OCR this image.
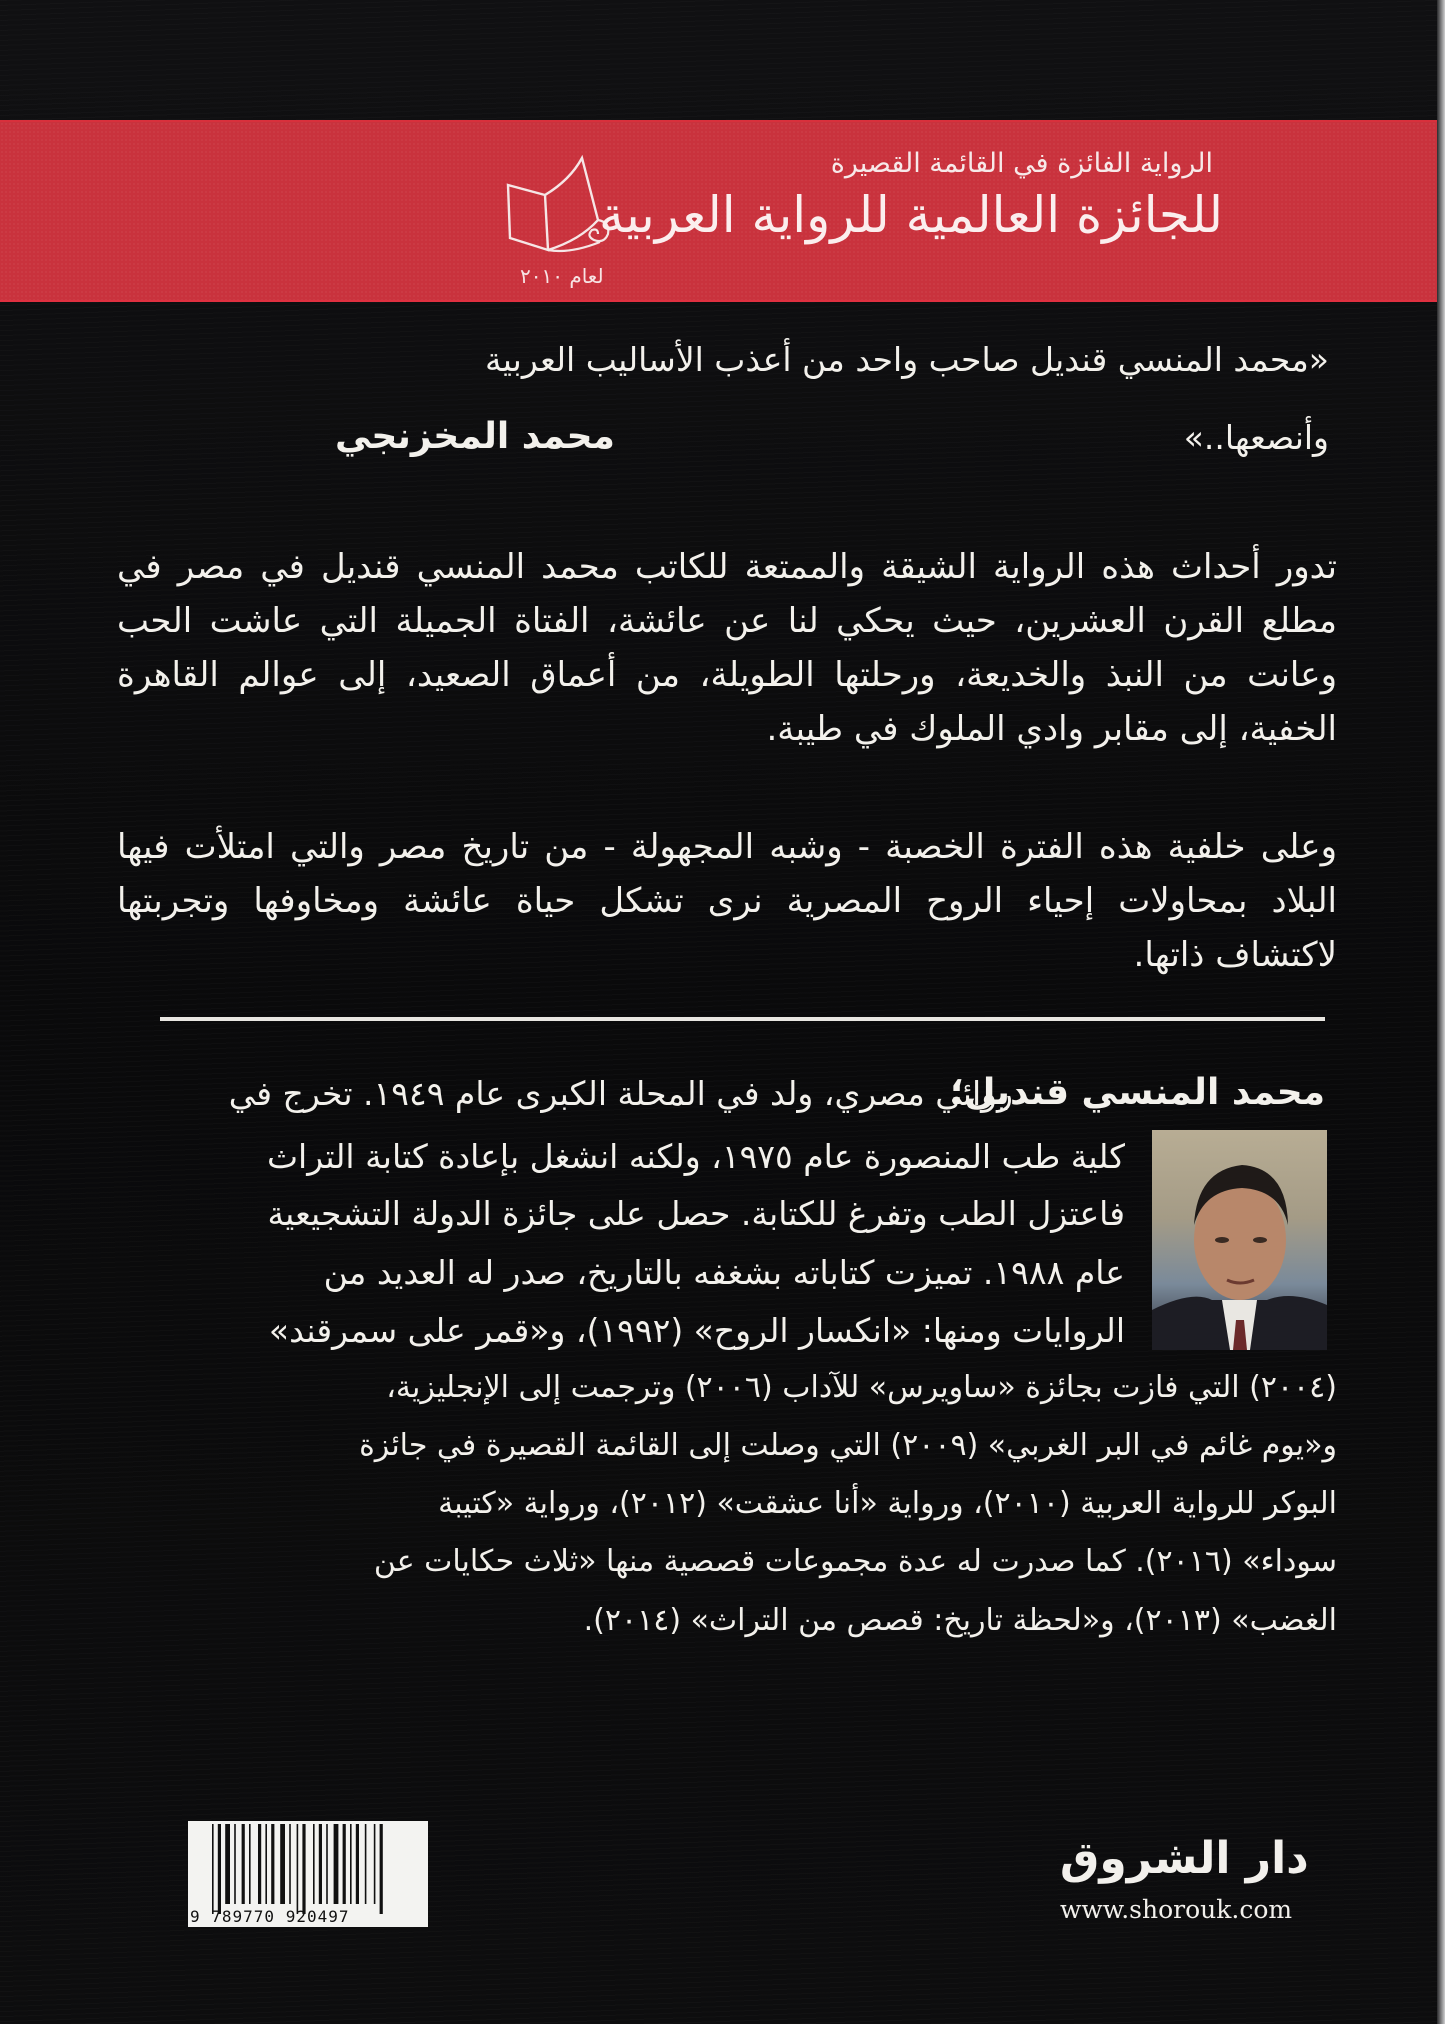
الرواية الفائزة في القائمة القصيرة
للجائزة العالمية للرواية العربية
لعام ٢٠١٠
«محمد المنسي قنديل صاحب واحد من أعذب الأساليب العربية
وأنصعها..»
محمد المخزنجي
تدور أحداث هذه الرواية الشيقة والممتعة للكاتب محمد المنسي قنديل في مصر في مطلع القرن العشرين، حيث يحكي لنا عن عائشة، الفتاة الجميلة التي عاشت الحب وعانت من النبذ والخديعة، ورحلتها الطويلة، من أعماق الصعيد، إلى عوالم القاهرة الخفية، إلى مقابر وادي الملوك في طيبة.
وعلى خلفية هذه الفترة الخصبة - وشبه المجهولة - من تاريخ مصر والتي امتلأت فيها البلاد بمحاولات إحياء الروح المصرية نرى تشكل حياة عائشة ومخاوفها وتجربتها لاكتشاف ذاتها.
محمد المنسي قنديل؛
روائي مصري، ولد في المحلة الكبرى عام ١٩٤٩. تخرج في
كلية طب المنصورة عام ١٩٧٥، ولكنه انشغل بإعادة كتابة التراث
فاعتزل الطب وتفرغ للكتابة. حصل على جائزة الدولة التشجيعية
عام ١٩٨٨. تميزت كتاباته بشغفه بالتاريخ، صدر له العديد من
الروايات ومنها: «انكسار الروح» (١٩٩٢)، و«قمر على سمرقند»
(٢٠٠٤) التي فازت بجائزة «ساويرس» للآداب (٢٠٠٦) وترجمت إلى الإنجليزية،
و«يوم غائم في البر الغربي» (٢٠٠٩) التي وصلت إلى القائمة القصيرة في جائزة
البوكر للرواية العربية (٢٠١٠)، ورواية «أنا عشقت» (٢٠١٢)، ورواية «كتيبة
سوداء» (٢٠١٦). كما صدرت له عدة مجموعات قصصية منها «ثلاث حكايات عن
الغضب» (٢٠١٣)، و«لحظة تاريخ: قصص من التراث» (٢٠١٤).
9 789770 920497
دار الشروق
www.shorouk.com
